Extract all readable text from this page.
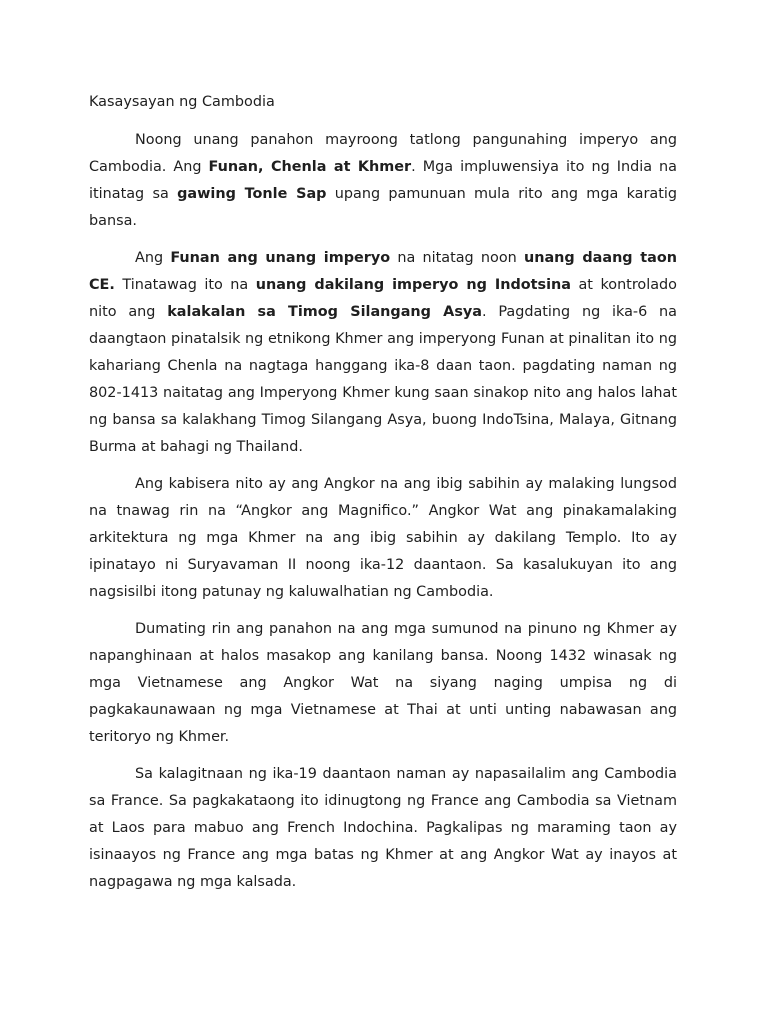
Kasaysayan ng Cambodia

Noong unang panahon mayroong tatlong pangunahing imperyo ang Cambodia. Ang Funan, Chenla at Khmer. Mga impluwensiya ito ng India na itinatag sa gawing Tonle Sap upang pamunuan mula rito ang mga karatig bansa.

Ang Funan ang unang imperyo na nitatag noon unang daang taon CE. Tinatawag ito na unang dakilang imperyo ng Indotsina at kontrolado nito ang kalakalan sa Timog Silangang Asya. Pagdating ng ika-6 na daangtaon pinatalsik ng etnikong Khmer ang imperyong Funan at pinalitan ito ng kahariang Chenla na nagtaga hanggang ika-8 daan taon. pagdating naman ng 802-1413 naitatag ang Imperyong Khmer kung saan sinakop nito ang halos lahat ng bansa sa kalakhang Timog Silangang Asya, buong IndoTsina, Malaya, Gitnang Burma at bahagi ng Thailand.

Ang kabisera nito ay ang Angkor na ang ibig sabihin ay malaking lungsod na tnawag rin na “Angkor ang Magnifico.” Angkor Wat ang pinakamalaking arkitektura ng mga Khmer na ang ibig sabihin ay dakilang Templo. Ito ay ipinatayo ni Suryavaman II noong ika-12 daantaon. Sa kasalukuyan ito ang nagsisilbi itong patunay ng kaluwalhatian ng Cambodia.

Dumating rin ang panahon na ang mga sumunod na pinuno ng Khmer ay napanghinaan at halos masakop ang kanilang bansa. Noong 1432 winasak ng mga Vietnamese ang Angkor Wat na siyang naging umpisa ng di pagkakaunawaan ng mga Vietnamese at Thai at unti unting nabawasan ang teritoryo ng Khmer.

Sa kalagitnaan ng ika-19 daantaon naman ay napasailalim ang Cambodia sa France. Sa pagkakataong ito idinugtong ng France ang Cambodia sa Vietnam at Laos para mabuo ang French Indochina. Pagkalipas ng maraming taon ay isinaayos ng France ang mga batas ng Khmer at ang Angkor Wat ay inayos at nagpagawa ng mga kalsada.
